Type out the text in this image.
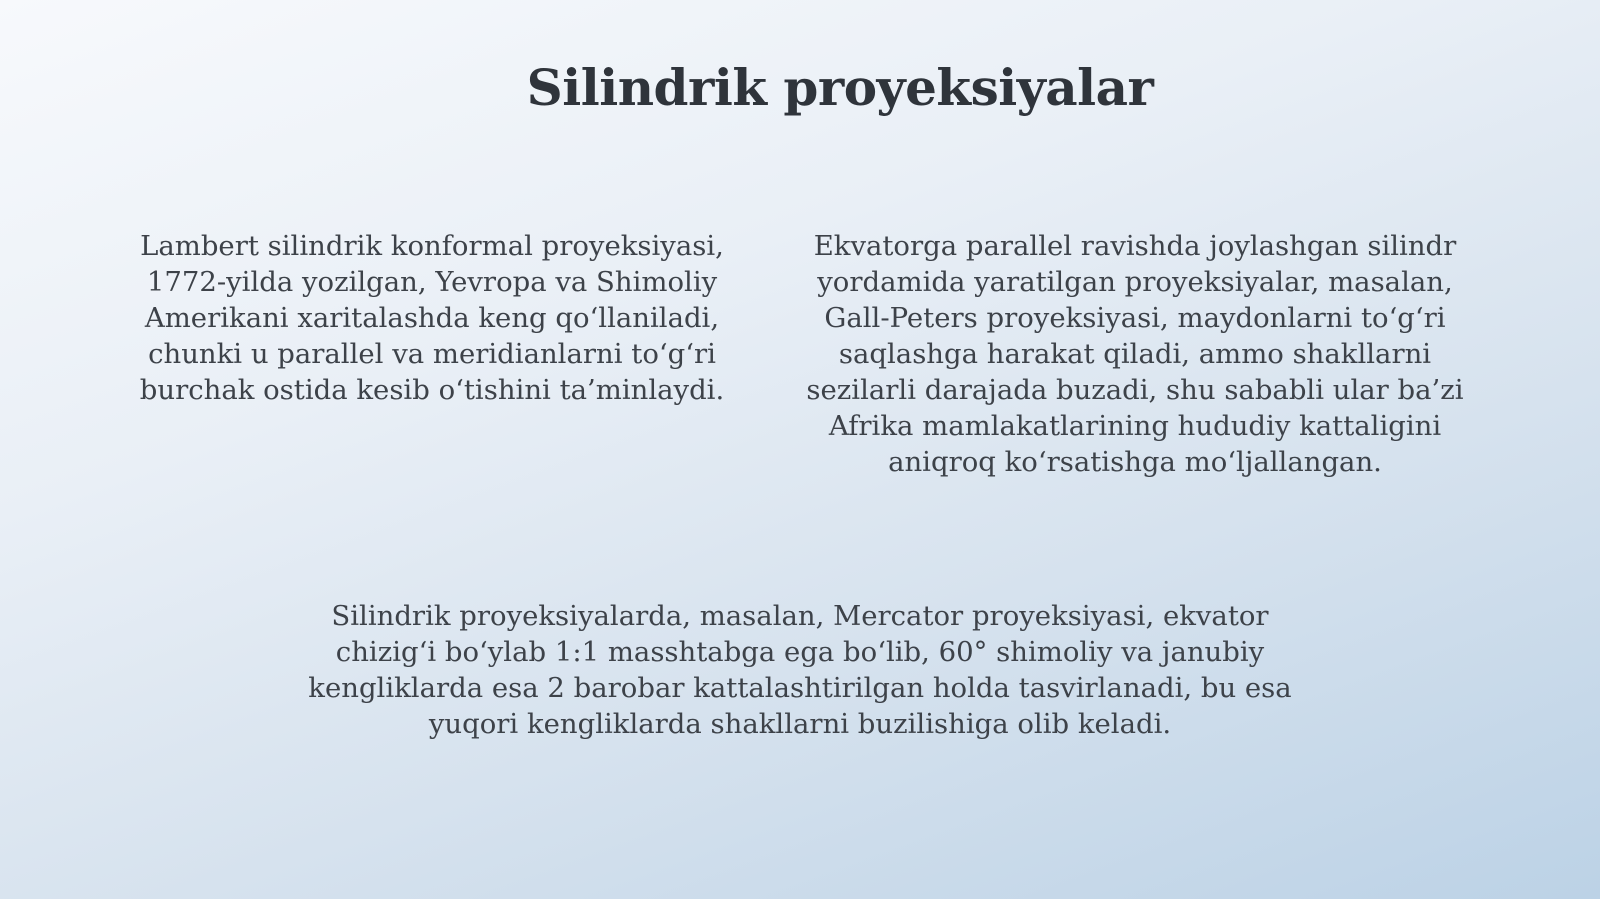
Silindrik proyeksiyalar

Lambert silindrik konformal proyeksiyasi, 1772-yilda yozilgan, Yevropa va Shimoliy Amerikani xaritalashda keng qo‘llaniladi, chunki u parallel va meridianlarni to‘g‘ri burchak ostida kesib o‘tishini ta’minlaydi.

Ekvatorga parallel ravishda joylashgan silindr yordamida yaratilgan proyeksiyalar, masalan, Gall-Peters proyeksiyasi, maydonlarni to‘g‘ri saqlashga harakat qiladi, ammo shakllarni sezilarli darajada buzadi, shu sababli ular ba’zi Afrika mamlakatlarining hududiy kattaligini aniqroq ko‘rsatishga mo‘ljallangan.

Silindrik proyeksiyalarda, masalan, Mercator proyeksiyasi, ekvator chizig‘i bo‘ylab 1:1 masshtabga ega bo‘lib, 60° shimoliy va janubiy kengliklarda esa 2 barobar kattalashtirilgan holda tasvirlanadi, bu esa yuqori kengliklarda shakllarni buzilishiga olib keladi.
